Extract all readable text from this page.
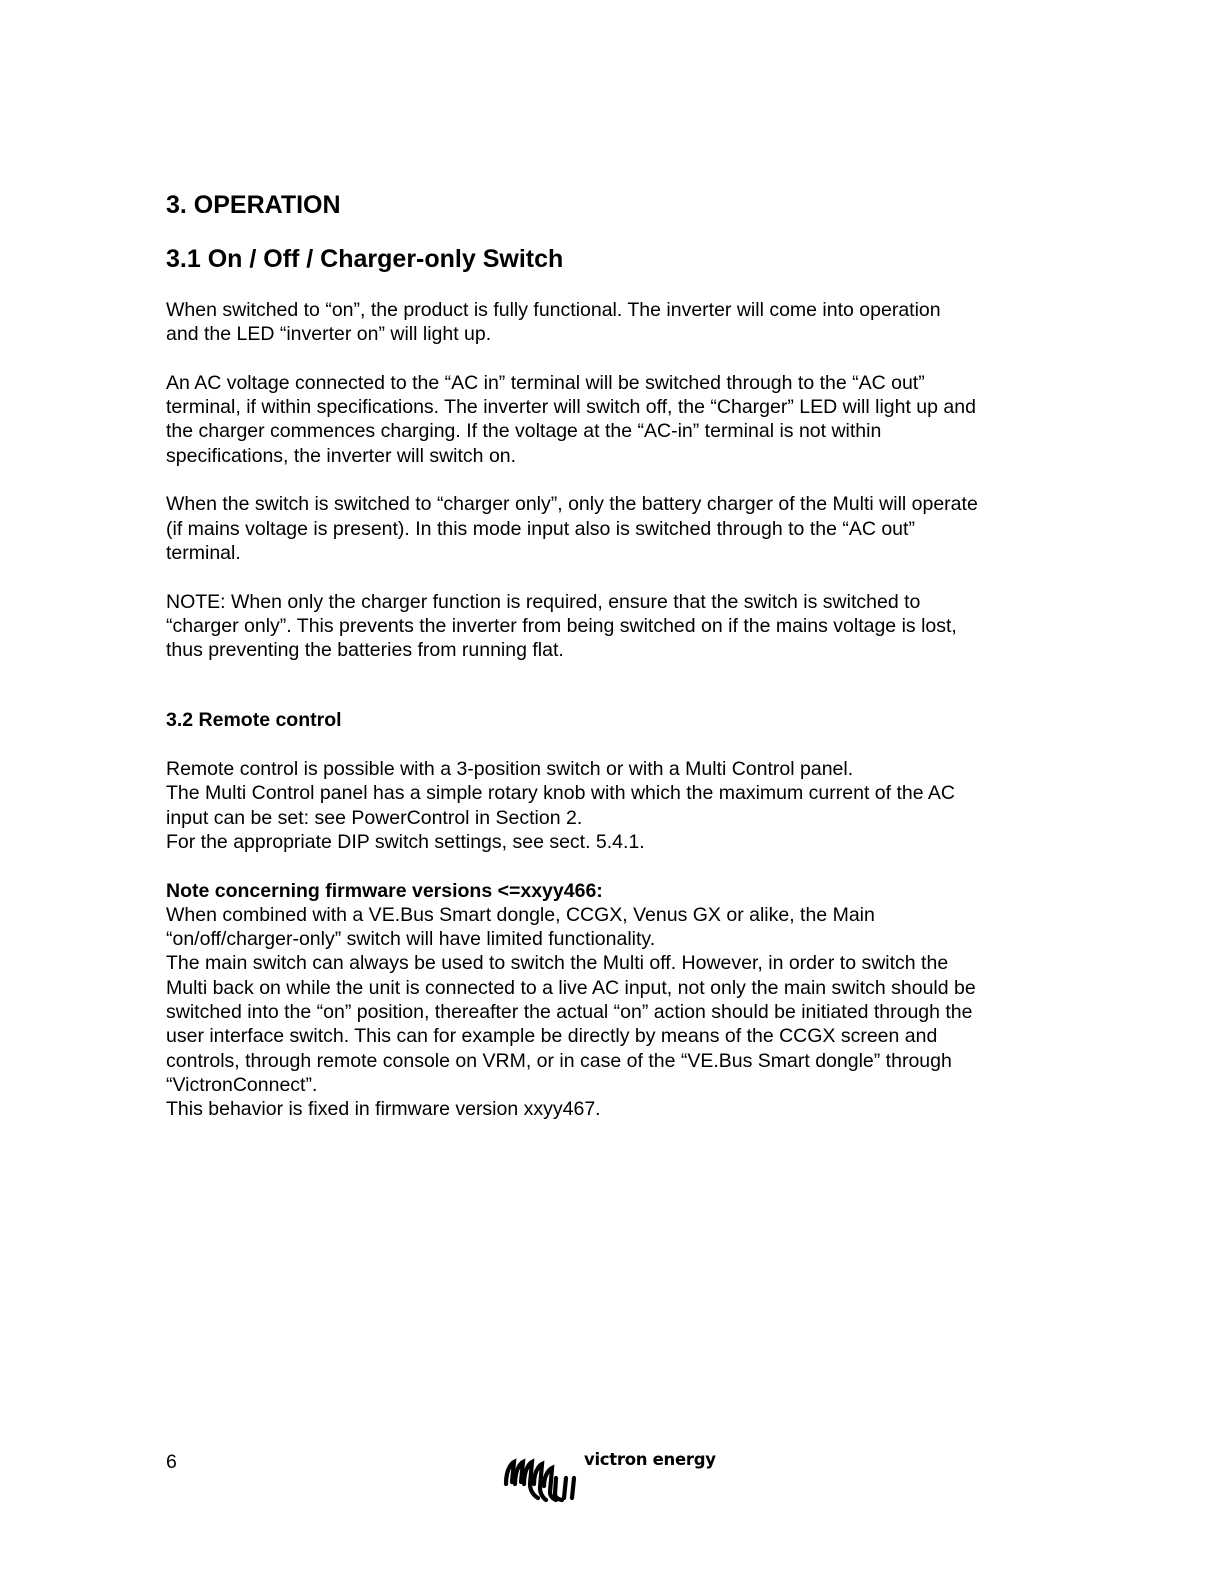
3. OPERATION
3.1 On / Off / Charger-only Switch
When switched to “on”, the product is fully functional. The inverter will come into operation
and the LED “inverter on” will light up.
An AC voltage connected to the “AC in” terminal will be switched through to the “AC out”
terminal, if within specifications. The inverter will switch off, the “Charger” LED will light up and
the charger commences charging. If the voltage at the “AC-in” terminal is not within
specifications, the inverter will switch on.
When the switch is switched to “charger only”, only the battery charger of the Multi will operate
(if mains voltage is present). In this mode input also is switched through to the “AC out”
terminal.
NOTE: When only the charger function is required, ensure that the switch is switched to
“charger only”. This prevents the inverter from being switched on if the mains voltage is lost,
thus preventing the batteries from running flat.
3.2 Remote control
Remote control is possible with a 3-position switch or with a Multi Control panel.
The Multi Control panel has a simple rotary knob with which the maximum current of the AC
input can be set: see PowerControl in Section 2.
For the appropriate DIP switch settings, see sect. 5.4.1.
Note concerning firmware versions <=xxyy466:
When combined with a VE.Bus Smart dongle, CCGX, Venus GX or alike, the Main
“on/off/charger-only” switch will have limited functionality.
The main switch can always be used to switch the Multi off. However, in order to switch the
Multi back on while the unit is connected to a live AC input, not only the main switch should be
switched into the “on” position, thereafter the actual “on” action should be initiated through the
user interface switch. This can for example be directly by means of the CCGX screen and
controls, through remote console on VRM, or in case of the “VE.Bus Smart dongle” through
“VictronConnect”.
This behavior is fixed in firmware version xxyy467.
6	victron energy
